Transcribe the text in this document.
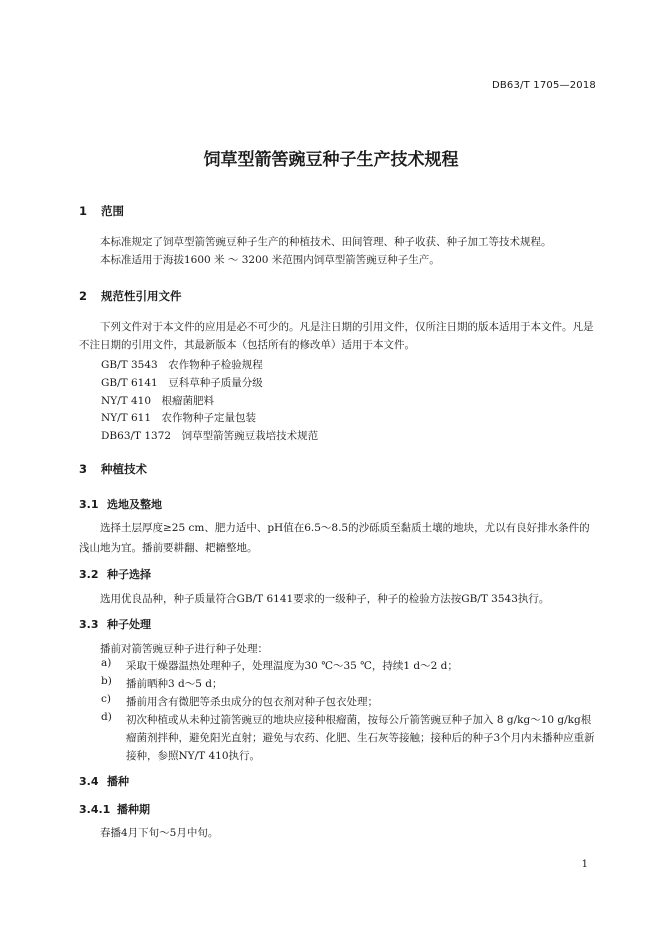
DB63/T 1705—2018
饲草型箭筈豌豆种子生产技术规程
1 范围
本标准规定了饲草型箭筈豌豆种子生产的种植技术、田间管理、种子收获、种子加工等技术规程。
本标准适用于海拔1600 米 ～ 3200 米范围内饲草型箭筈豌豆种子生产。
2 规范性引用文件
下列文件对于本文件的应用是必不可少的。凡是注日期的引用文件，仅所注日期的版本适用于本文件。凡是不注日期的引用文件，其最新版本（包括所有的修改单）适用于本文件。
GB/T 3543　农作物种子检验规程
GB/T 6141　豆科草种子质量分级
NY/T 410　根瘤菌肥料
NY/T 611　农作物种子定量包装
DB63/T 1372　饲草型箭筈豌豆栽培技术规范
3 种植技术
3.1 选地及整地
选择土层厚度≥25 cm、肥力适中、pH值在6.5～8.5的沙砾质至黏质土壤的地块，尤以有良好排水条件的浅山地为宜。播前要耕翻、耙耱整地。
3.2 种子选择
选用优良品种，种子质量符合GB/T 6141要求的一级种子，种子的检验方法按GB/T 3543执行。
3.3 种子处理
播前对箭筈豌豆种子进行种子处理：
a) 采取干燥器温热处理种子，处理温度为30 ℃～35 ℃，持续1 d～2 d；
b) 播前晒种3 d～5 d；
c) 播前用含有微肥等杀虫成分的包衣剂对种子包衣处理；
d) 初次种植或从未种过箭筈豌豆的地块应接种根瘤菌，按每公斤箭筈豌豆种子加入 8 g/kg～10 g/kg根瘤菌剂拌种，避免阳光直射；避免与农药、化肥、生石灰等接触；接种后的种子3个月内未播种应重新接种，参照NY/T 410执行。
3.4 播种
3.4.1 播种期
春播4月下旬～5月中旬。
1
